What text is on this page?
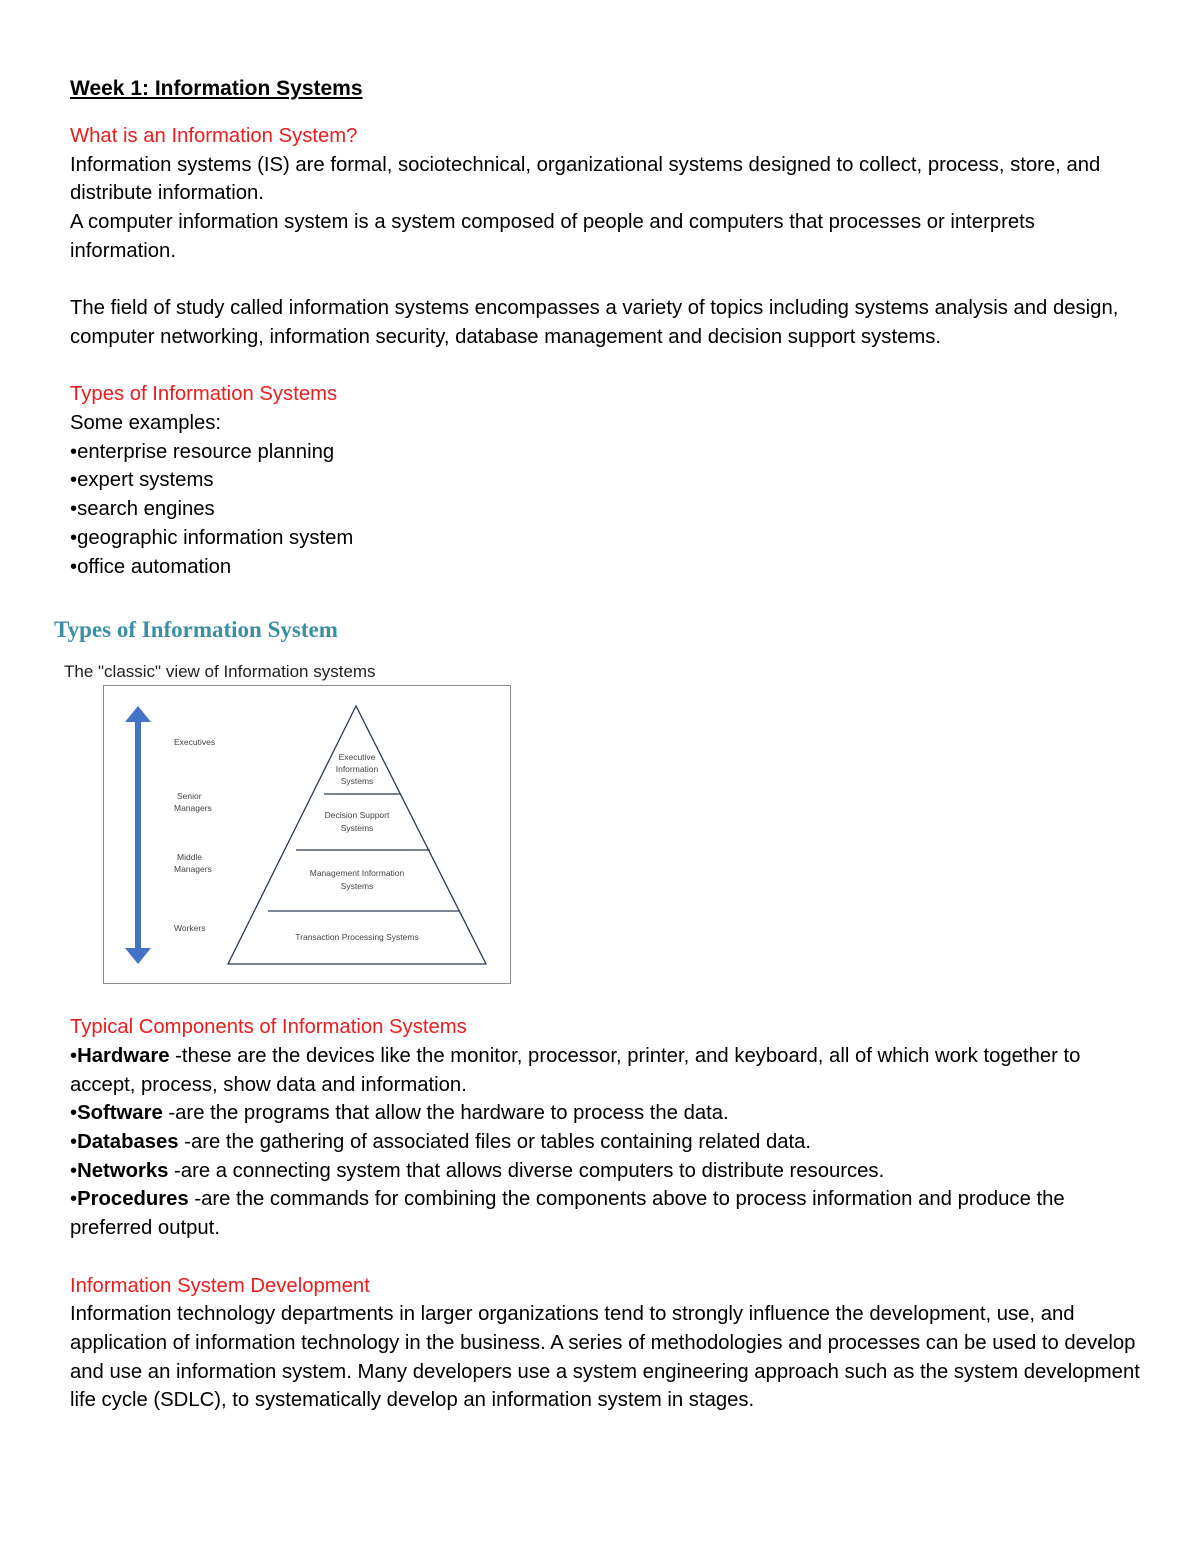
Week 1: Information Systems

What is an Information System?

Information systems (IS) are formal, sociotechnical, organizational systems designed to collect, process, store, and distribute information.

A computer information system is a system composed of people and computers that processes or interprets information.

The field of study called information systems encompasses a variety of topics including systems analysis and design, computer networking, information security, database management and decision support systems.

Types of Information Systems

Some examples:

•enterprise resource planning
•expert systems
•search engines
•geographic information system
•office automation

Typical Components of Information Systems

•Hardware -these are the devices like the monitor, processor, printer, and keyboard, all of which work together to accept, process, show data and information.
•Software -are the programs that allow the hardware to process the data.
•Databases -are the gathering of associated files or tables containing related data.
•Networks -are a connecting system that allows diverse computers to distribute resources.
•Procedures -are the commands for combining the components above to process information and produce the preferred output.

Information System Development

Information technology departments in larger organizations tend to strongly influence the development, use, and application of information technology in the business. A series of methodologies and processes can be used to develop and use an information system. Many developers use a system engineering approach such as the system development life cycle (SDLC), to systematically develop an information system in stages.

Types of Information System
The "classic" view of Information systems
Executives
Senior
Managers
Middle
Managers
Workers
Executive
Information
Systems
Decision Support
Systems
Management Information
Systems
Transaction Processing Systems
